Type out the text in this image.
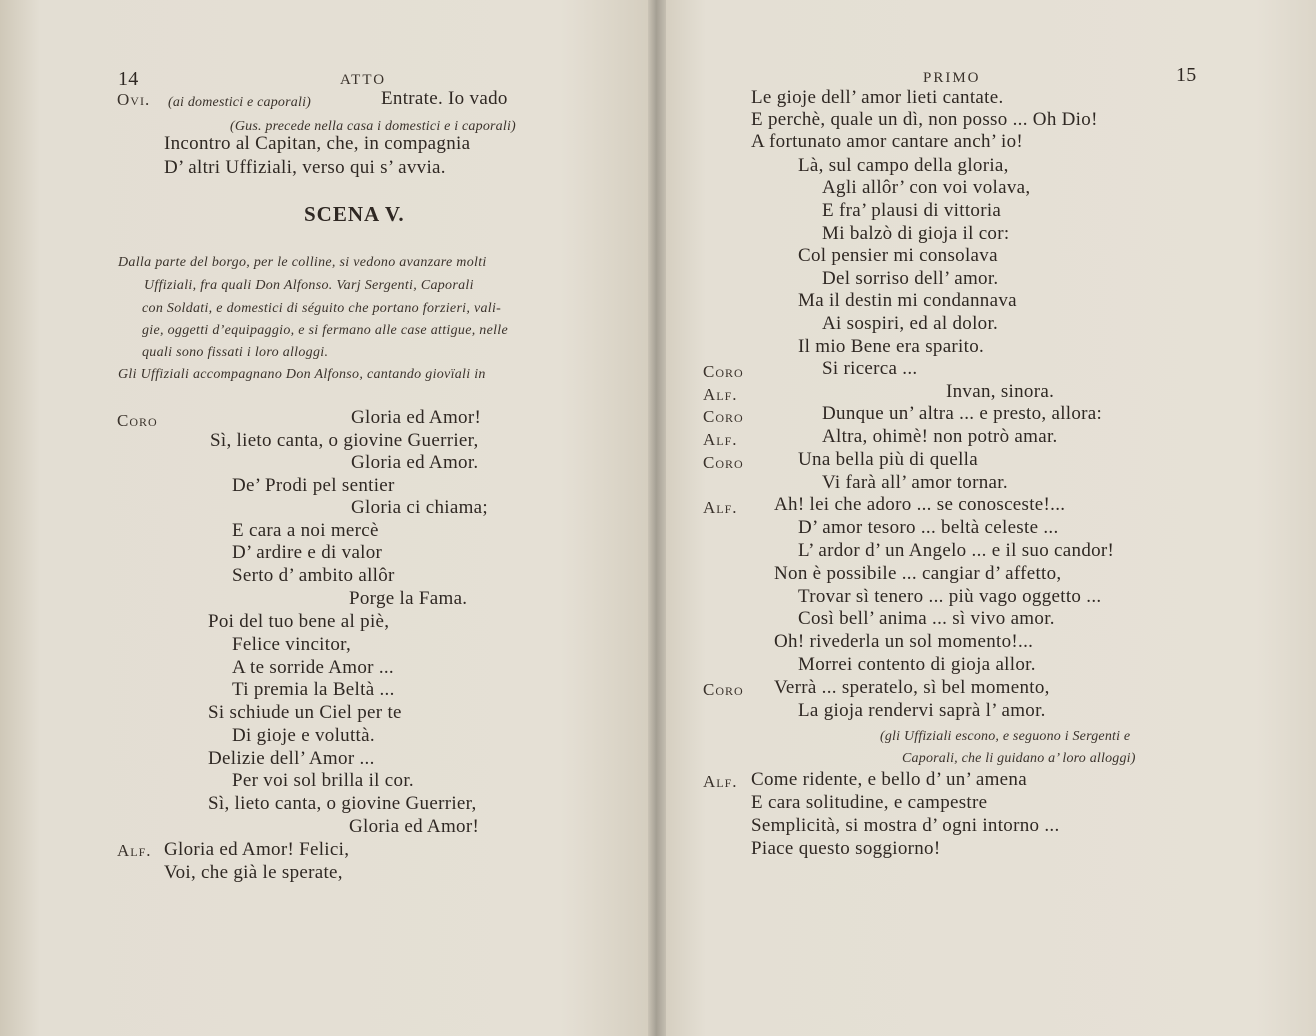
14	ATTO
Ovi. (ai domestici e caporali)	Entrate. Io vado
(Gus. precede nella casa i domestici e i caporali)
Incontro al Capitan, che, in compagnia
D’ altri Uffiziali, verso qui s’ avvia.
SCENA V.
Dalla parte del borgo, per le colline, si vedono avanzare molti
Uffiziali, fra quali Don Alfonso. Varj Sergenti, Caporali
con Soldati, e domestici di séguito che portano forzieri, vali-
gie, oggetti d’equipaggio, e si fermano alle case attigue, nelle
quali sono fissati i loro alloggi.
Gli Uffiziali accompagnano Don Alfonso, cantando giovïali in
Coro	Gloria ed Amor!
Sì, lieto canta, o giovine Guerrier,
Gloria ed Amor.
De’ Prodi pel sentier
Gloria ci chiama;
E cara a noi mercè
D’ ardire e di valor
Serto d’ ambito allôr
Porge la Fama.
Poi del tuo bene al piè,
Felice vincitor,
A te sorride Amor ...
Ti premia la Beltà ...
Si schiude un Ciel per te
Di gioje e voluttà.
Delizie dell’ Amor ...
Per voi sol brilla il cor.
Sì, lieto canta, o giovine Guerrier,
Gloria ed Amor!
Alf. Gloria ed Amor! Felici,
Voi, che già le sperate,
PRIMO	15
Le gioje dell’ amor lieti cantate.
E perchè, quale un dì, non posso ... Oh Dio!
A fortunato amor cantare anch’ io!
Là, sul campo della gloria,
Agli allôr’ con voi volava,
E fra’ plausi di vittoria
Mi balzò di gioja il cor:
Col pensier mi consolava
Del sorriso dell’ amor.
Ma il destin mi condannava
Ai sospiri, ed al dolor.
Il mio Bene era sparito.
Coro	Si ricerca ...
Alf.	Invan, sinora.
Coro	Dunque un’ altra ... e presto, allora:
Alf.	Altra, ohimè! non potrò amar.
Coro	Una bella più di quella
Vi farà all’ amor tornar.
Alf. Ah! lei che adoro ... se conosceste!...
D’ amor tesoro ... beltà celeste ...
L’ ardor d’ un Angelo ... e il suo candor!
Non è possibile ... cangiar d’ affetto,
Trovar sì tenero ... più vago oggetto ...
Così bell’ anima ... sì vivo amor.
Oh! rivederla un sol momento!...
Morrei contento di gioja allor.
Coro Verrà ... speratelo, sì bel momento,
La gioja rendervi saprà l’ amor.
(gli Uffiziali escono, e seguono i Sergenti e
Caporali, che li guidano a’ loro alloggi)
Alf. Come ridente, e bello d’ un’ amena
E cara solitudine, e campestre
Semplicità, si mostra d’ ogni intorno ...
Piace questo soggiorno!
